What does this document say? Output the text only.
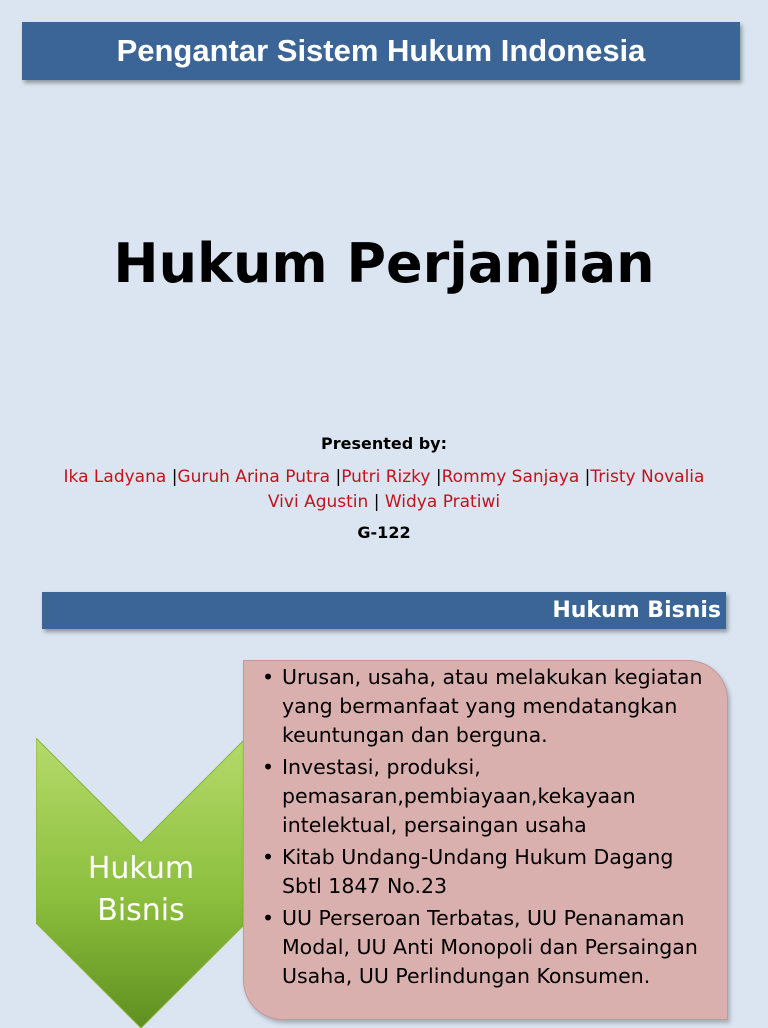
Pengantar Sistem Hukum Indonesia
Hukum Perjanjian
Presented by:
Ika Ladyana |Guruh Arina Putra |Putri Rizky |Rommy Sanjaya |Tristy Novalia
Vivi Agustin | Widya Pratiwi
G-122
Hukum Bisnis
Hukum
Bisnis
• Urusan, usaha, atau melakukan kegiatan yang bermanfaat yang mendatangkan keuntungan dan berguna.
• Investasi, produksi, pemasaran,pembiayaan,kekayaan intelektual, persaingan usaha
• Kitab Undang-Undang Hukum Dagang Sbtl 1847 No.23
• UU Perseroan Terbatas, UU Penanaman Modal, UU Anti Monopoli dan Persaingan Usaha, UU Perlindungan Konsumen.
